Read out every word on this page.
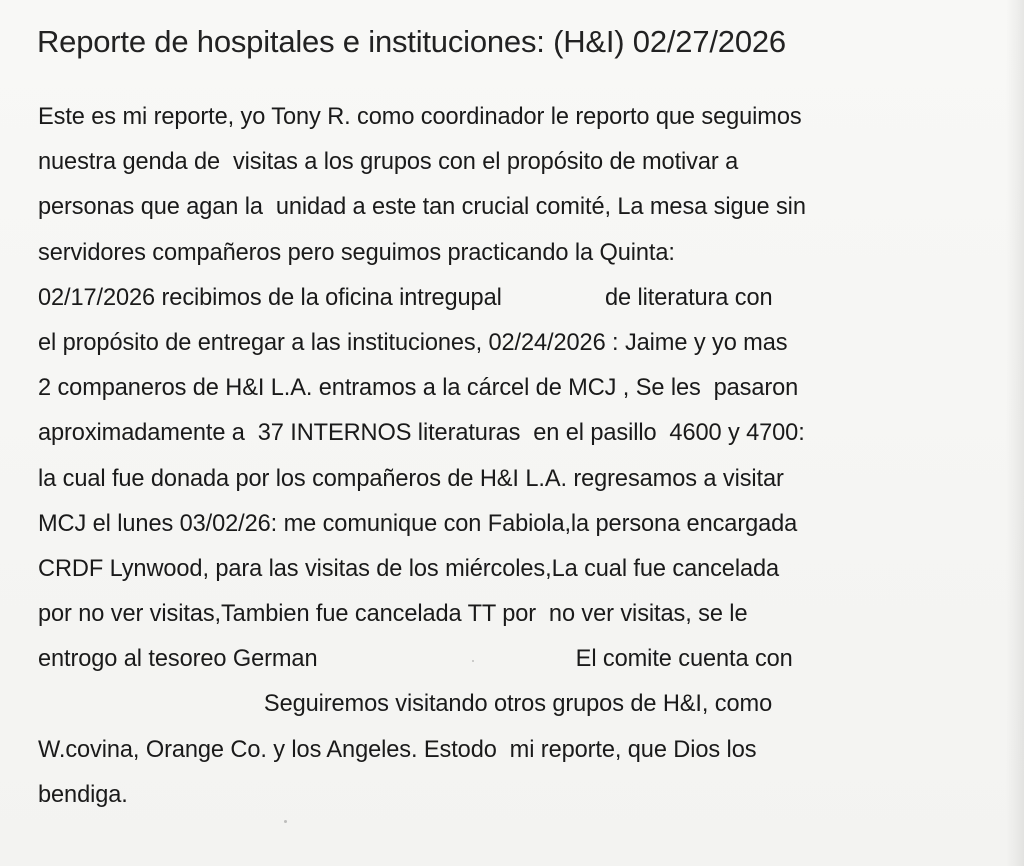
Reporte de hospitales e instituciones: (H&I) 02/27/2026
Este es mi reporte, yo Tony R. como coordinador le reporto que seguimos
nuestra genda de  visitas a los grupos con el propósito de motivar a
personas que agan la  unidad a este tan crucial comité, La mesa sigue sin
servidores compañeros pero seguimos practicando la Quinta:
02/17/2026 recibimos de la oficina intregupal                de literatura con
el propósito de entregar a las instituciones, 02/24/2026 : Jaime y yo mas
2 companeros de H&I L.A. entramos a la cárcel de MCJ , Se les  pasaron
aproximadamente a  37 INTERNOS literaturas  en el pasillo  4600 y 4700:
la cual fue donada por los compañeros de H&I L.A. regresamos a visitar
MCJ el lunes 03/02/26: me comunique con Fabiola,la persona encargada
CRDF Lynwood, para las visitas de los miércoles,La cual fue cancelada
por no ver visitas,Tambien fue cancelada TT por  no ver visitas, se le
entrogo al tesoreo German                                        El comite cuenta con
Seguiremos visitando otros grupos de H&I, como
W.covina, Orange Co. y los Angeles. Estodo  mi reporte, que Dios los
bendiga.
